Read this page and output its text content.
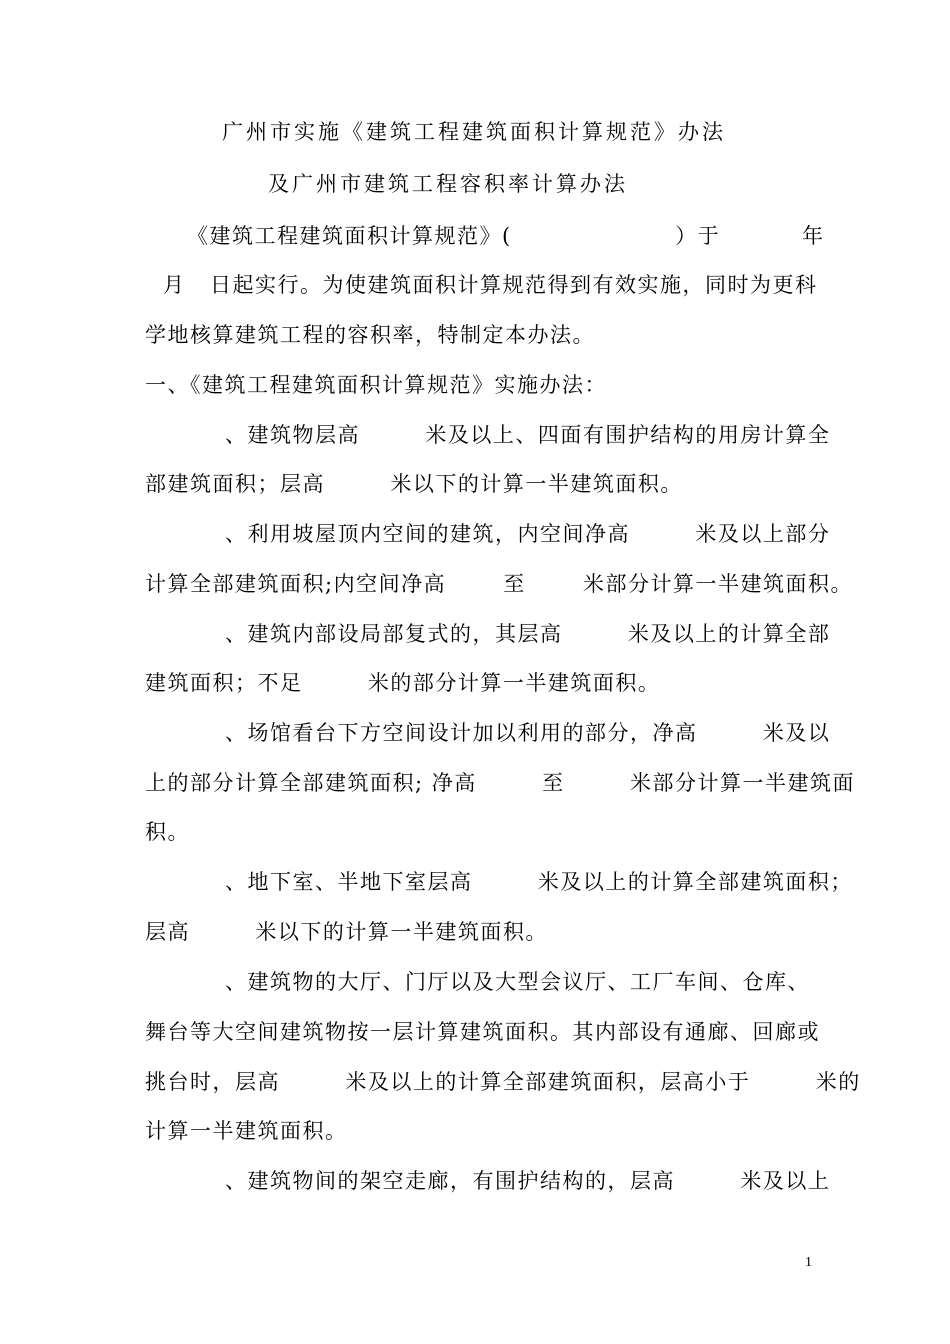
广州市实施《建筑工程建筑面积计算规范》办法
及广州市建筑工程容积率计算办法
《建筑工程建筑面积计算规范》(                    ）于          年
月   日起实行。为使建筑面积计算规范得到有效实施，同时为更科
学地核算建筑工程的容积率，特制定本办法。
一、《建筑工程建筑面积计算规范》实施办法：
、建筑物层高        米及以上、四面有围护结构的用房计算全
部建筑面积；层高        米以下的计算一半建筑面积。
、利用坡屋顶内空间的建筑，内空间净高        米及以上部分
计算全部建筑面积;内空间净高       至       米部分计算一半建筑面积。
、建筑内部设局部复式的，其层高        米及以上的计算全部
建筑面积；不足        米的部分计算一半建筑面积。
、场馆看台下方空间设计加以利用的部分，净高        米及以
上的部分计算全部建筑面积; 净高        至        米部分计算一半建筑面
积。
、地下室、半地下室层高        米及以上的计算全部建筑面积；
层高        米以下的计算一半建筑面积。
、建筑物的大厅、门厅以及大型会议厅、工厂车间、仓库、
舞台等大空间建筑物按一层计算建筑面积。其内部设有通廊、回廊或
挑台时，层高        米及以上的计算全部建筑面积，层高小于        米的
计算一半建筑面积。
、建筑物间的架空走廊，有围护结构的，层高        米及以上
1
